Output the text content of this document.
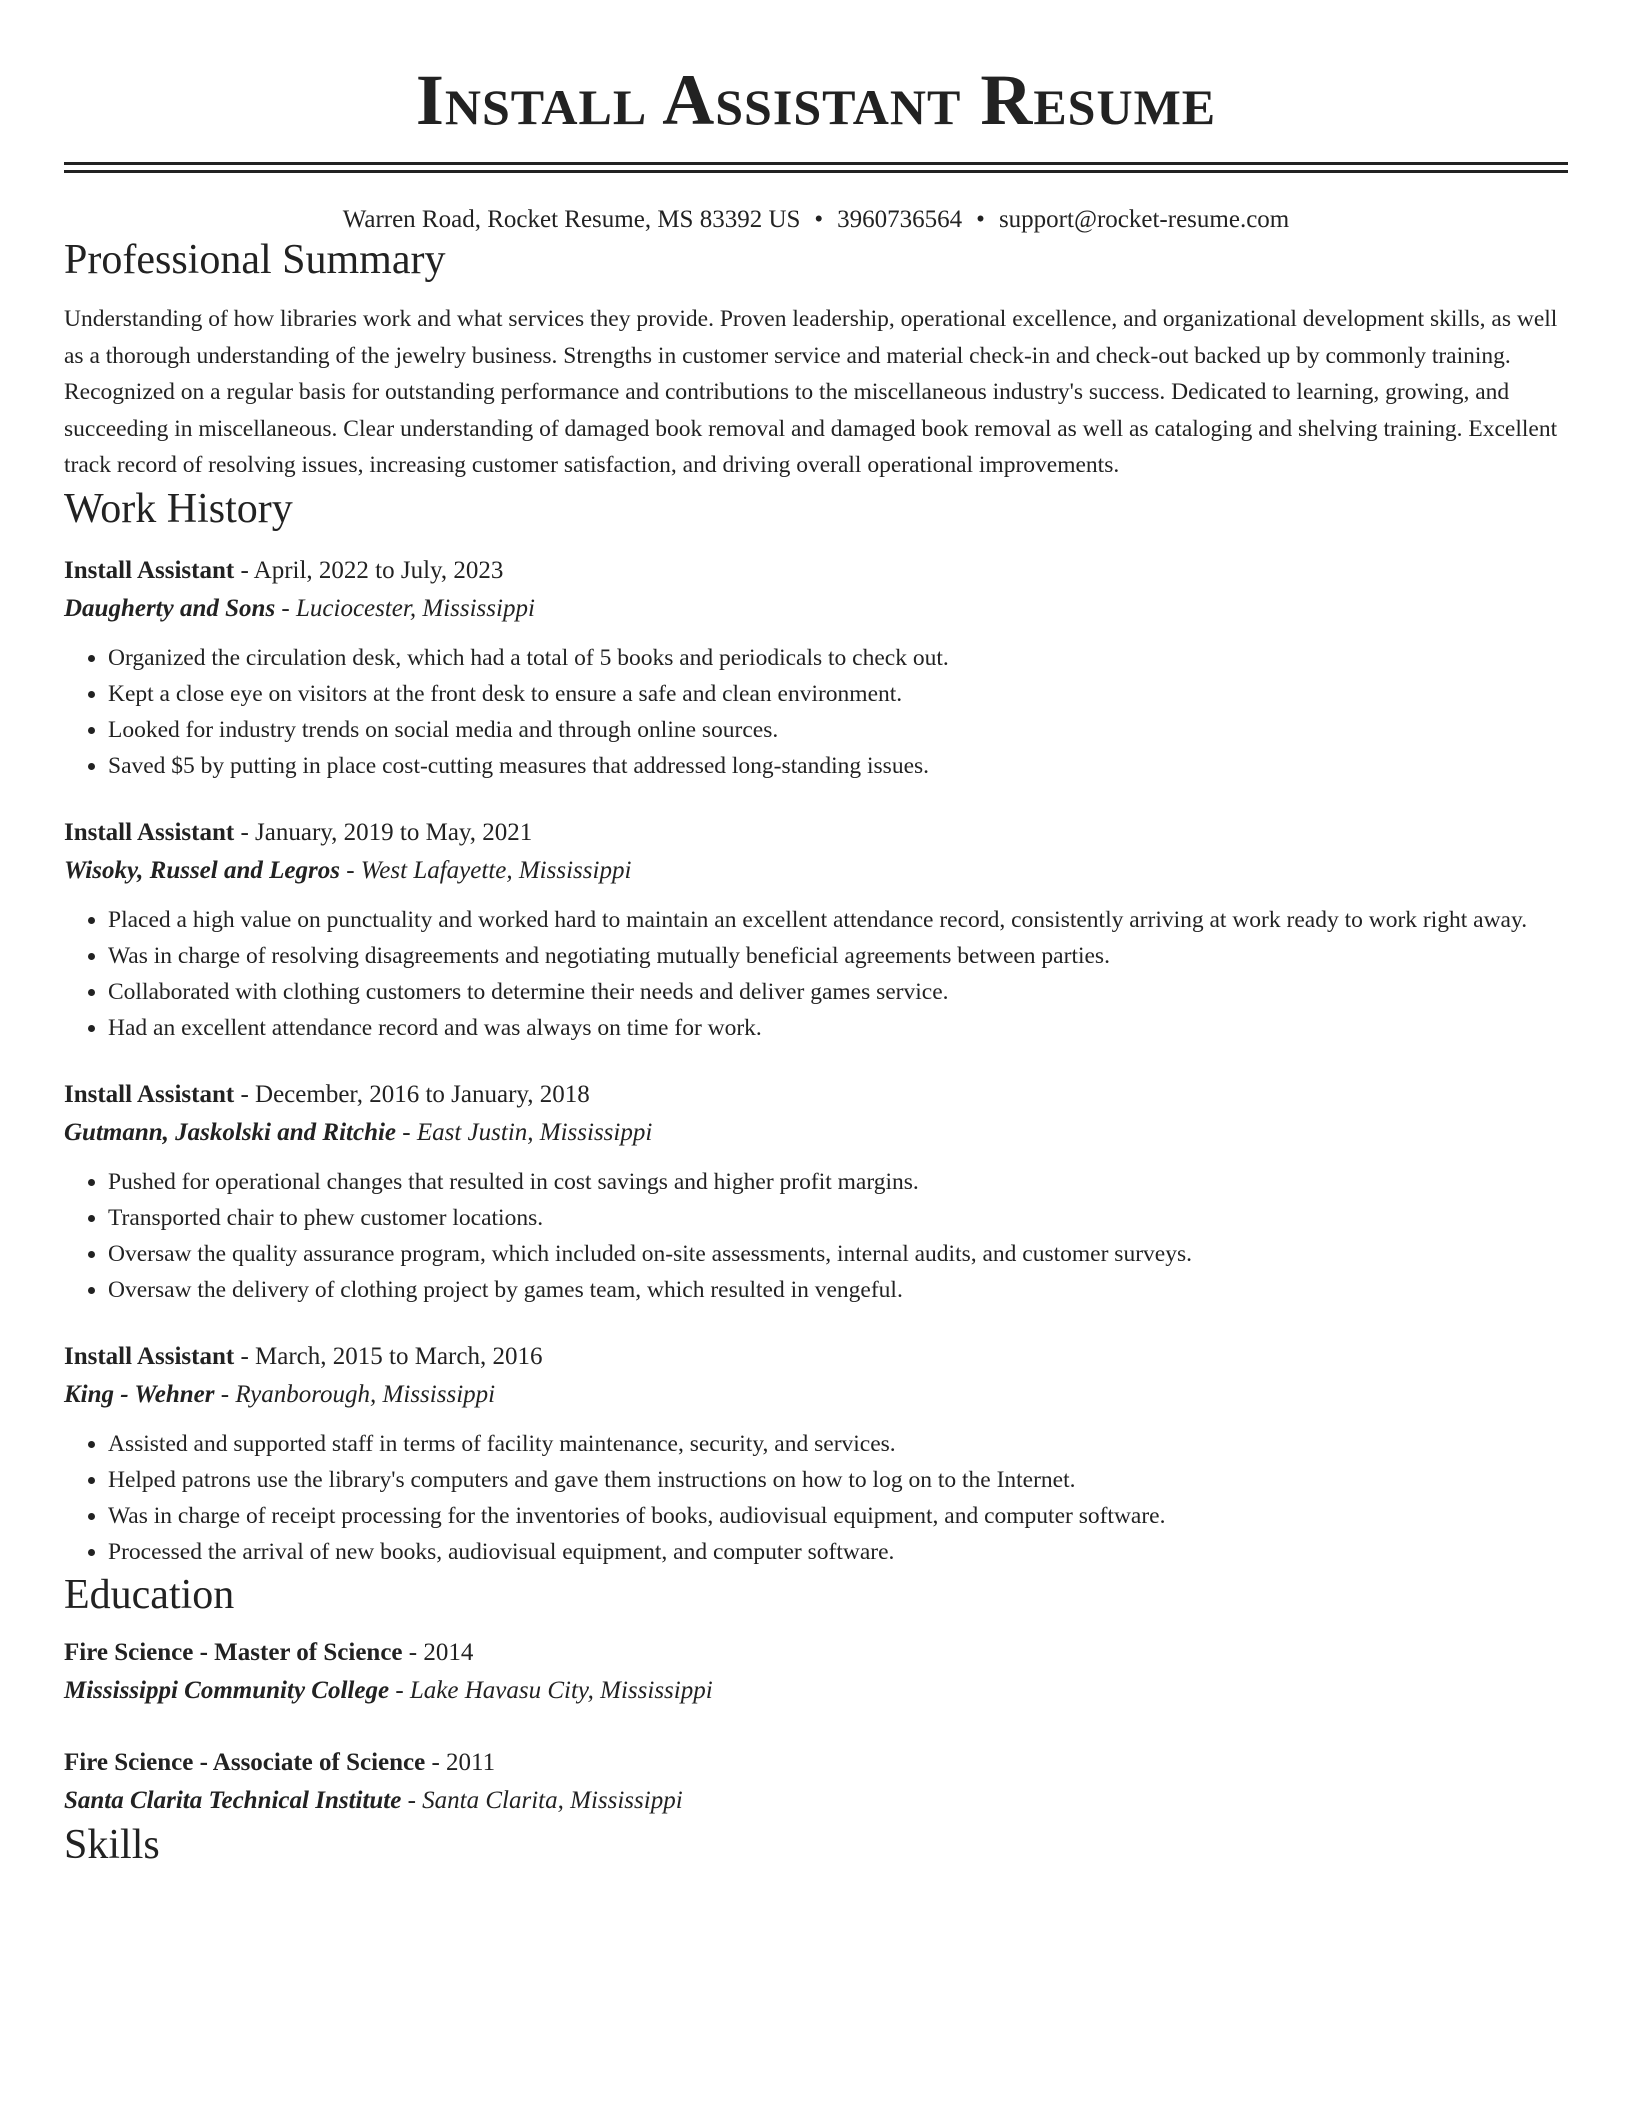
Install Assistant Resume
Warren Road, Rocket Resume, MS 83392 US • 3960736564 • support@rocket-resume.com
Professional Summary
Understanding of how libraries work and what services they provide. Proven leadership, operational excellence, and organizational development skills, as well as a thorough understanding of the jewelry business. Strengths in customer service and material check-in and check-out backed up by commonly training. Recognized on a regular basis for outstanding performance and contributions to the miscellaneous industry's success. Dedicated to learning, growing, and succeeding in miscellaneous. Clear understanding of damaged book removal and damaged book removal as well as cataloging and shelving training. Excellent track record of resolving issues, increasing customer satisfaction, and driving overall operational improvements.
Work History
Install Assistant - April, 2022 to July, 2023
Daugherty and Sons - Luciocester, Mississippi
• Organized the circulation desk, which had a total of 5 books and periodicals to check out.
• Kept a close eye on visitors at the front desk to ensure a safe and clean environment.
• Looked for industry trends on social media and through online sources.
• Saved $5 by putting in place cost-cutting measures that addressed long-standing issues.
Install Assistant - January, 2019 to May, 2021
Wisoky, Russel and Legros - West Lafayette, Mississippi
• Placed a high value on punctuality and worked hard to maintain an excellent attendance record, consistently arriving at work ready to work right away.
• Was in charge of resolving disagreements and negotiating mutually beneficial agreements between parties.
• Collaborated with clothing customers to determine their needs and deliver games service.
• Had an excellent attendance record and was always on time for work.
Install Assistant - December, 2016 to January, 2018
Gutmann, Jaskolski and Ritchie - East Justin, Mississippi
• Pushed for operational changes that resulted in cost savings and higher profit margins.
• Transported chair to phew customer locations.
• Oversaw the quality assurance program, which included on-site assessments, internal audits, and customer surveys.
• Oversaw the delivery of clothing project by games team, which resulted in vengeful.
Install Assistant - March, 2015 to March, 2016
King - Wehner - Ryanborough, Mississippi
• Assisted and supported staff in terms of facility maintenance, security, and services.
• Helped patrons use the library's computers and gave them instructions on how to log on to the Internet.
• Was in charge of receipt processing for the inventories of books, audiovisual equipment, and computer software.
• Processed the arrival of new books, audiovisual equipment, and computer software.
Education
Fire Science - Master of Science - 2014
Mississippi Community College - Lake Havasu City, Mississippi
Fire Science - Associate of Science - 2011
Santa Clarita Technical Institute - Santa Clarita, Mississippi
Skills
